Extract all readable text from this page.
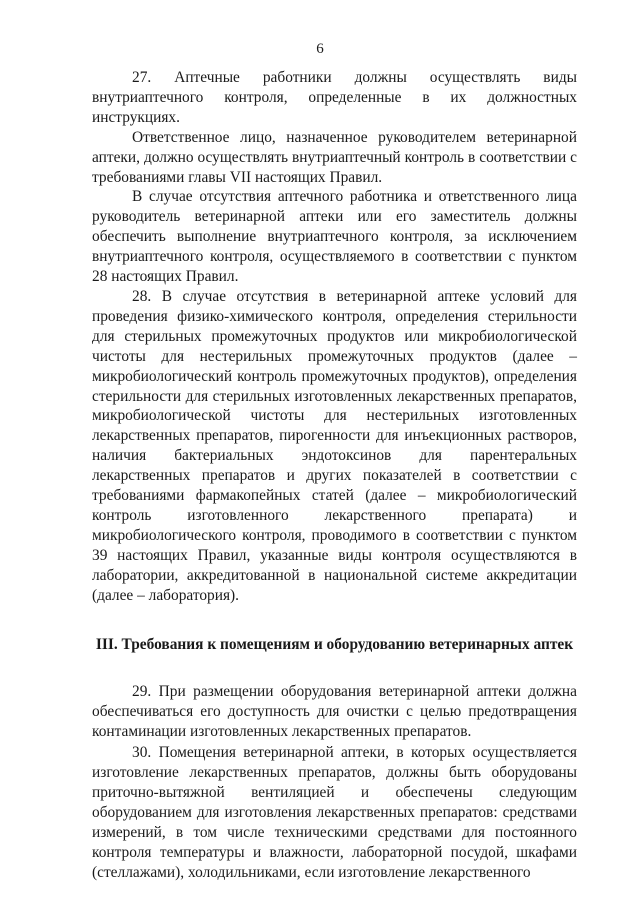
6

27. Аптечные работники должны осуществлять виды внутриаптечного контроля, определенные в их должностных инструкциях.

Ответственное лицо, назначенное руководителем ветеринарной аптеки, должно осуществлять внутриаптечный контроль в соответствии с требованиями главы VII настоящих Правил.

В случае отсутствия аптечного работника и ответственного лица руководитель ветеринарной аптеки или его заместитель должны обеспечить выполнение внутриаптечного контроля, за исключением внутриаптечного контроля, осуществляемого в соответствии с пунктом 28 настоящих Правил.

28. В случае отсутствия в ветеринарной аптеке условий для проведения физико-химического контроля, определения стерильности для стерильных промежуточных продуктов или микробиологической чистоты для нестерильных промежуточных продуктов (далее – микробиологический контроль промежуточных продуктов), определения стерильности для стерильных изготовленных лекарственных препаратов, микробиологической чистоты для нестерильных изготовленных лекарственных препаратов, пирогенности для инъекционных растворов, наличия бактериальных эндотоксинов для парентеральных лекарственных препаратов и других показателей в соответствии с требованиями фармакопейных статей (далее – микробиологический контроль изготовленного лекарственного препарата) и микробиологического контроля, проводимого в соответствии с пунктом 39 настоящих Правил, указанные виды контроля осуществляются в лаборатории, аккредитованной в национальной системе аккредитации (далее – лаборатория).

III. Требования к помещениям и оборудованию ветеринарных аптек

29. При размещении оборудования ветеринарной аптеки должна обеспечиваться его доступность для очистки с целью предотвращения контаминации изготовленных лекарственных препаратов.

30. Помещения ветеринарной аптеки, в которых осуществляется изготовление лекарственных препаратов, должны быть оборудованы приточно-вытяжной вентиляцией и обеспечены следующим оборудованием для изготовления лекарственных препаратов: средствами измерений, в том числе техническими средствами для постоянного контроля температуры и влажности, лабораторной посудой, шкафами (стеллажами), холодильниками, если изготовление лекарственного
